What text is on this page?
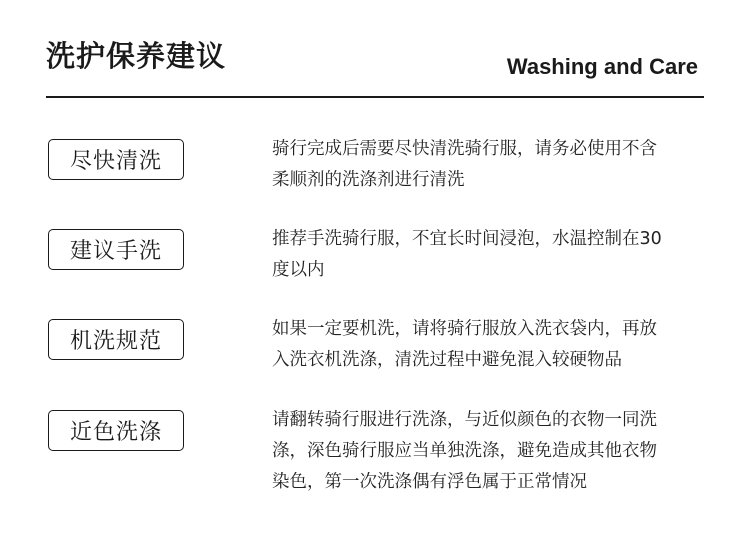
洗护保养建议	Washing and Care
尽快清洗	骑行完成后需要尽快清洗骑行服，请务必使用不含
柔顺剂的洗涤剂进行清洗
建议手洗	推荐手洗骑行服，不宜长时间浸泡，水温控制在30
度以内
机洗规范	如果一定要机洗，请将骑行服放入洗衣袋内，再放
入洗衣机洗涤，清洗过程中避免混入较硬物品
近色洗涤	请翻转骑行服进行洗涤，与近似颜色的衣物一同洗
涤，深色骑行服应当单独洗涤，避免造成其他衣物
染色，第一次洗涤偶有浮色属于正常情况
